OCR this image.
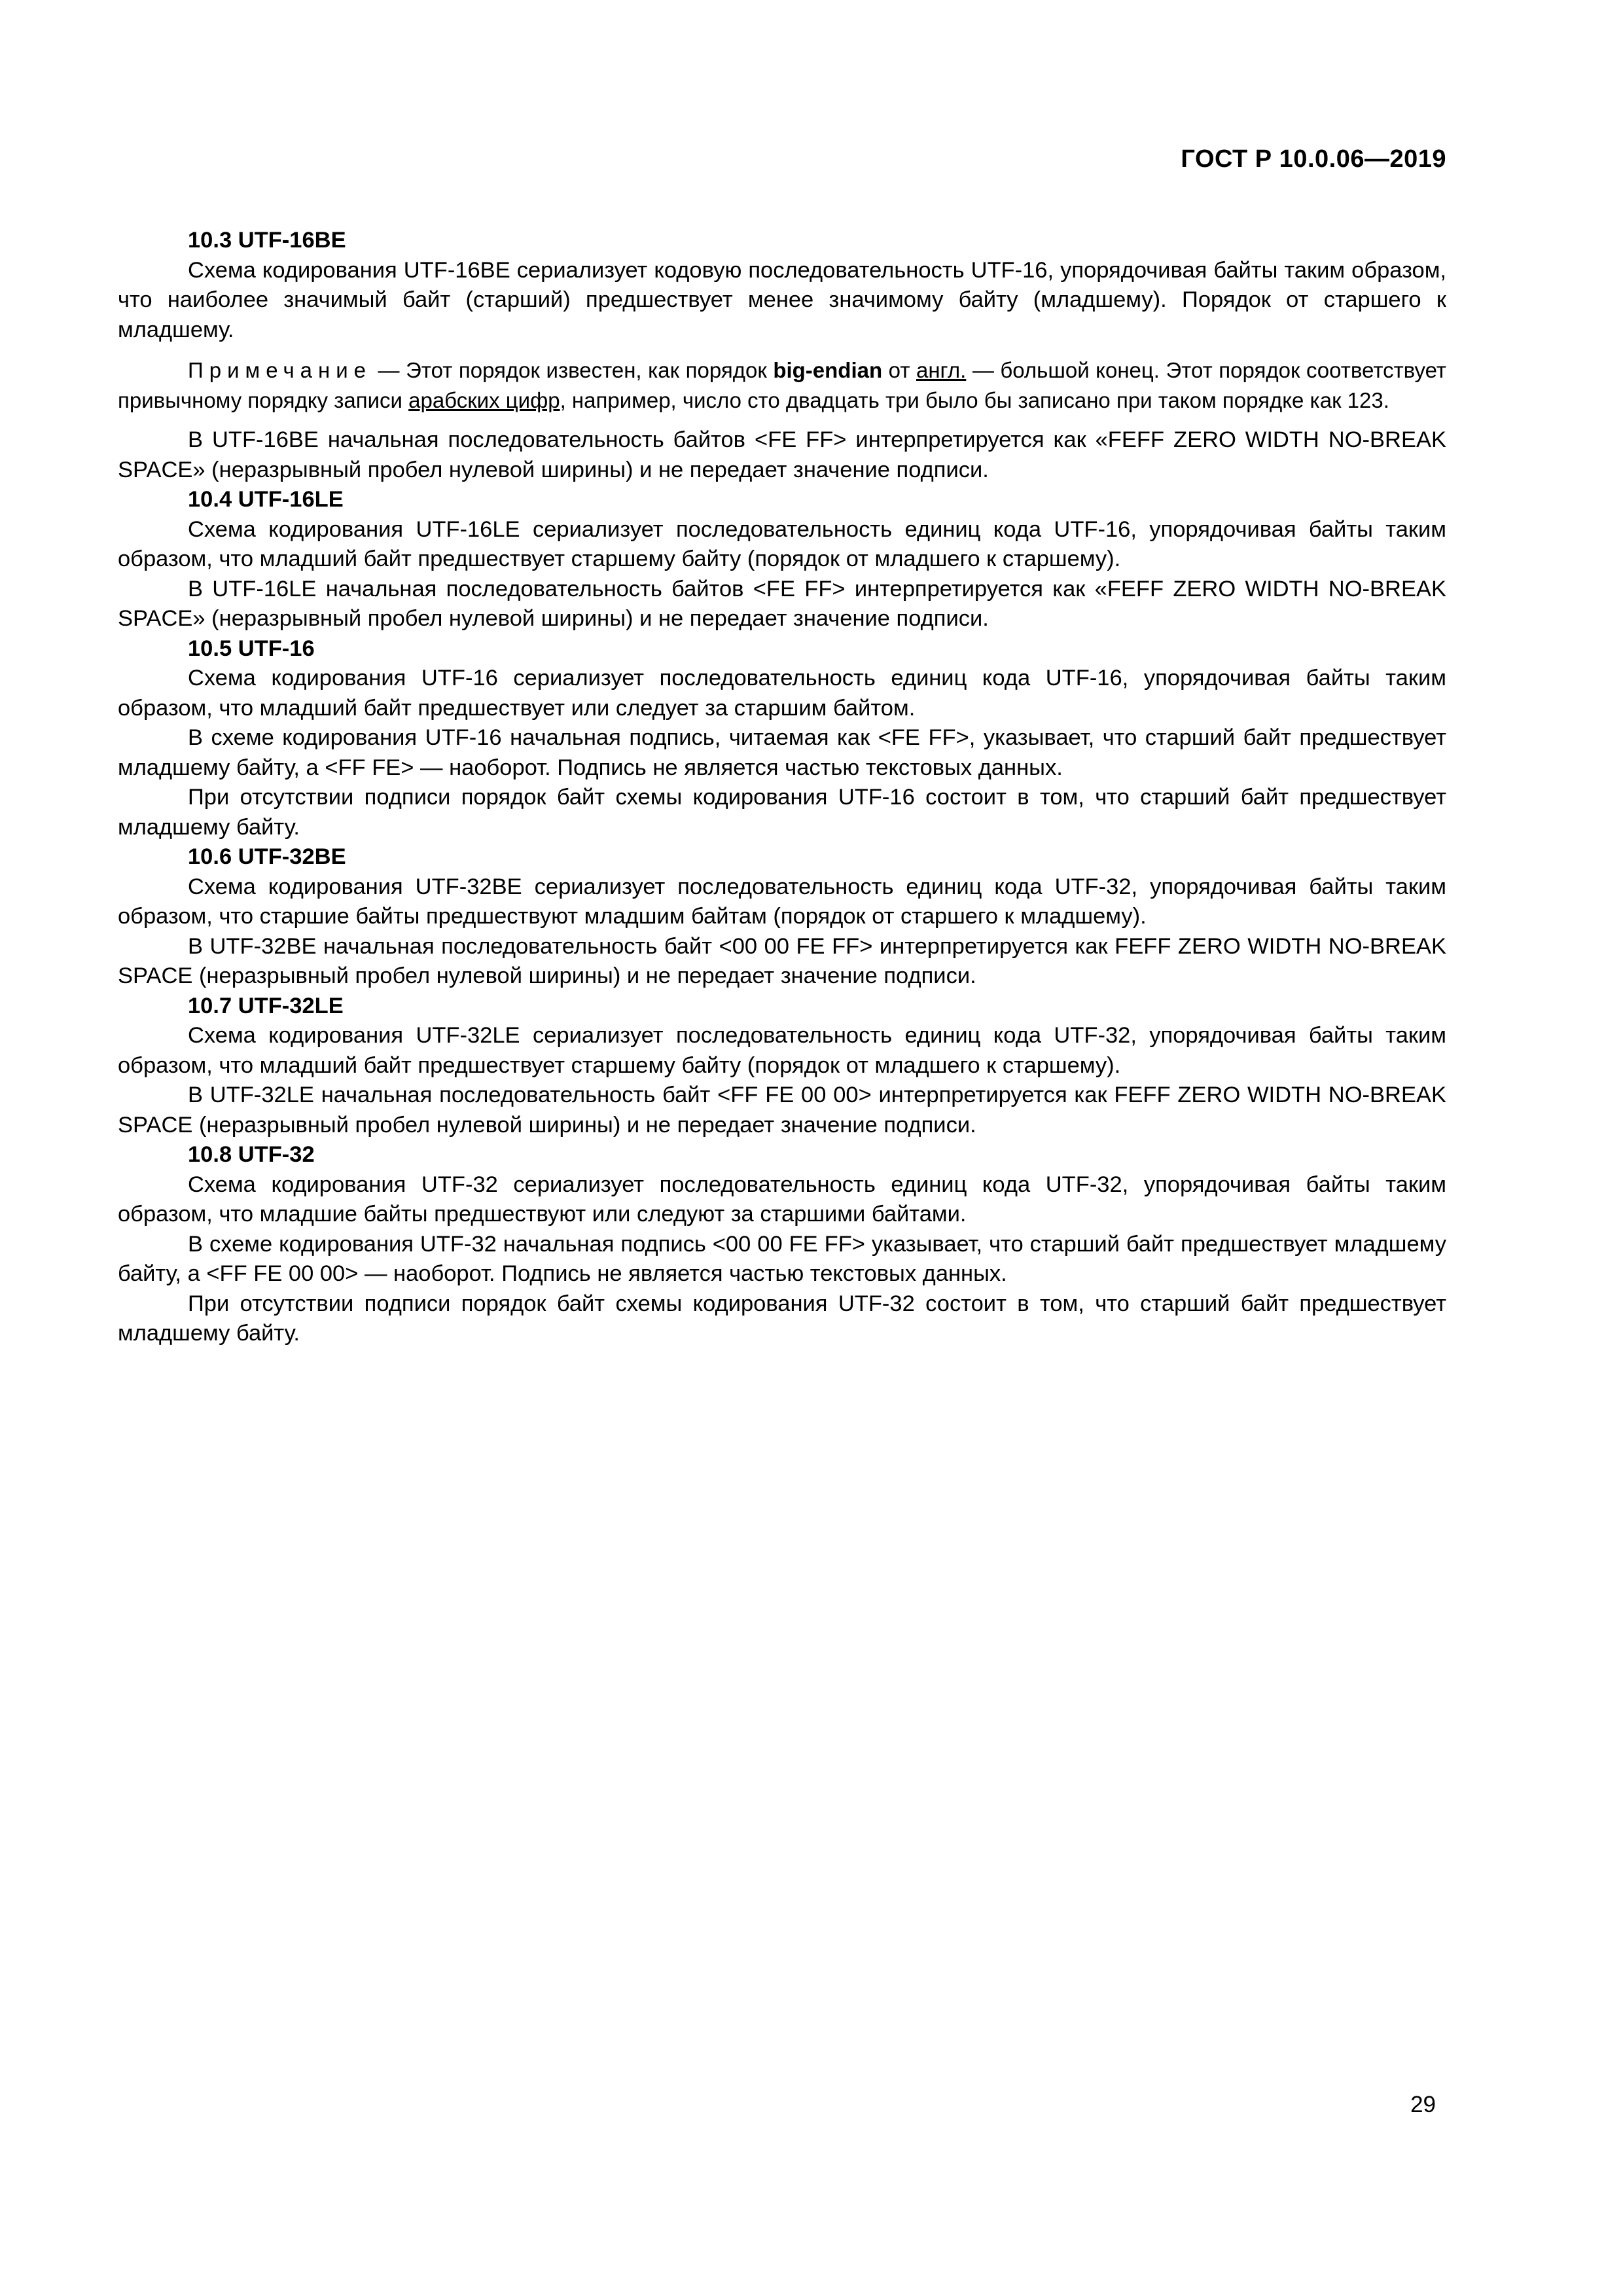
ГОСТ Р 10.0.06—2019
10.3 UTF-16BE

Схема кодирования UTF-16BE сериализует кодовую последовательность UTF-16, упорядочивая байты таким образом, что наиболее значимый байт (старший) предшествует менее значимому байту (младшему). Порядок от старшего к младшему.

Примечание — Этот порядок известен, как порядок big-endian от англ. — большой конец. Этот порядок соответствует привычному порядку записи арабских цифр, например, число сто двадцать три было бы записано при таком порядке как 123.

В UTF-16BE начальная последовательность байтов <FE FF> интерпретируется как «FEFF ZERO WIDTH NO-BREAK SPACE» (неразрывный пробел нулевой ширины) и не передает значение подписи.

10.4 UTF-16LE

Схема кодирования UTF-16LE сериализует последовательность единиц кода UTF-16, упорядочивая байты таким образом, что младший байт предшествует старшему байту (порядок от младшего к старшему).

В UTF-16LE начальная последовательность байтов <FE FF> интерпретируется как «FEFF ZERO WIDTH NO-BREAK SPACE» (неразрывный пробел нулевой ширины) и не передает значение подписи.

10.5 UTF-16

Схема кодирования UTF-16 сериализует последовательность единиц кода UTF-16, упорядочивая байты таким образом, что младший байт предшествует или следует за старшим байтом.

В схеме кодирования UTF-16 начальная подпись, читаемая как <FE FF>, указывает, что старший байт предшествует младшему байту, а <FF FE> — наоборот. Подпись не является частью текстовых данных.

При отсутствии подписи порядок байт схемы кодирования UTF-16 состоит в том, что старший байт предшествует младшему байту.

10.6 UTF-32BE

Схема кодирования UTF-32BE сериализует последовательность единиц кода UTF-32, упорядочивая байты таким образом, что старшие байты предшествуют младшим байтам (порядок от старшего к младшему).

В UTF-32BE начальная последовательность байт <00 00 FE FF> интерпретируется как FEFF ZERO WIDTH NO-BREAK SPACE (неразрывный пробел нулевой ширины) и не передает значение подписи.

10.7 UTF-32LE

Схема кодирования UTF-32LE сериализует последовательность единиц кода UTF-32, упорядочивая байты таким образом, что младший байт предшествует старшему байту (порядок от младшего к старшему).

В UTF-32LE начальная последовательность байт <FF FE 00 00> интерпретируется как FEFF ZERO WIDTH NO-BREAK SPACE (неразрывный пробел нулевой ширины) и не передает значение подписи.

10.8 UTF-32

Схема кодирования UTF-32 сериализует последовательность единиц кода UTF-32, упорядочивая байты таким образом, что младшие байты предшествуют или следуют за старшими байтами.

В схеме кодирования UTF-32 начальная подпись <00 00 FE FF> указывает, что старший байт предшествует младшему байту, а <FF FE 00 00> — наоборот. Подпись не является частью текстовых данных.

При отсутствии подписи порядок байт схемы кодирования UTF-32 состоит в том, что старший байт предшествует младшему байту.

29
